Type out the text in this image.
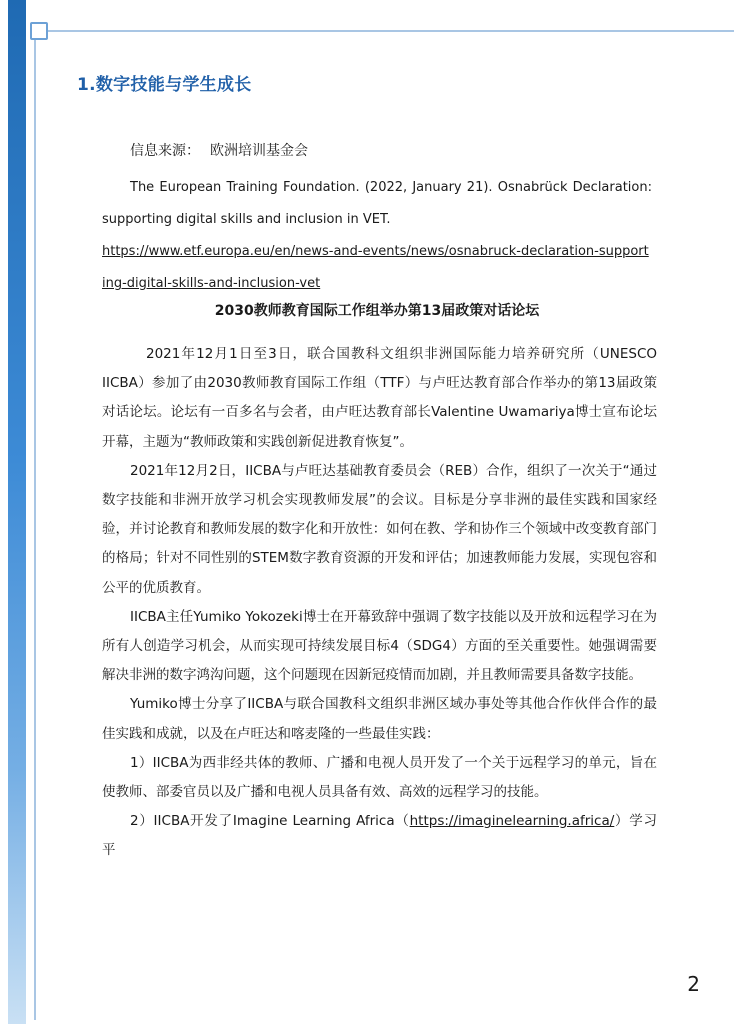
1.数字技能与学生成长
信息来源： 欧洲培训基金会
The European Training Foundation. (2022, January 21). Osnabrück Declaration: supporting digital skills and inclusion in VET.
https://www.etf.europa.eu/en/news-and-events/news/osnabruck-declaration-supporting-digital-skills-and-inclusion-vet
2030教师教育国际工作组举办第13届政策对话论坛

2021年12月1日至3日，联合国教科文组织非洲国际能力培养研究所（UNESCO IICBA）参加了由2030教师教育国际工作组（TTF）与卢旺达教育部合作举办的第13届政策对话论坛。论坛有一百多名与会者，由卢旺达教育部长Valentine Uwamariya博士宣布论坛开幕，主题为“教师政策和实践创新促进教育恢复”。

2021年12月2日，IICBA与卢旺达基础教育委员会（REB）合作，组织了一次关于“通过数字技能和非洲开放学习机会实现教师发展”的会议。目标是分享非洲的最佳实践和国家经验，并讨论教育和教师发展的数字化和开放性：如何在教、学和协作三个领域中改变教育部门的格局；针对不同性别的STEM数字教育资源的开发和评估；加速教师能力发展，实现包容和公平的优质教育。

IICBA主任Yumiko Yokozeki博士在开幕致辞中强调了数字技能以及开放和远程学习在为所有人创造学习机会，从而实现可持续发展目标4（SDG4）方面的至关重要性。她强调需要解决非洲的数字鸿沟问题，这个问题现在因新冠疫情而加剧，并且教师需要具备数字技能。

Yumiko博士分享了IICBA与联合国教科文组织非洲区域办事处等其他合作伙伴合作的最佳实践和成就，以及在卢旺达和喀麦隆的一些最佳实践：

1）IICBA为西非经共体的教师、广播和电视人员开发了一个关于远程学习的单元，旨在使教师、部委官员以及广播和电视人员具备有效、高效的远程学习的技能。

2）IICBA开发了Imagine Learning Africa（https://imaginelearning.africa/）学习平

2
